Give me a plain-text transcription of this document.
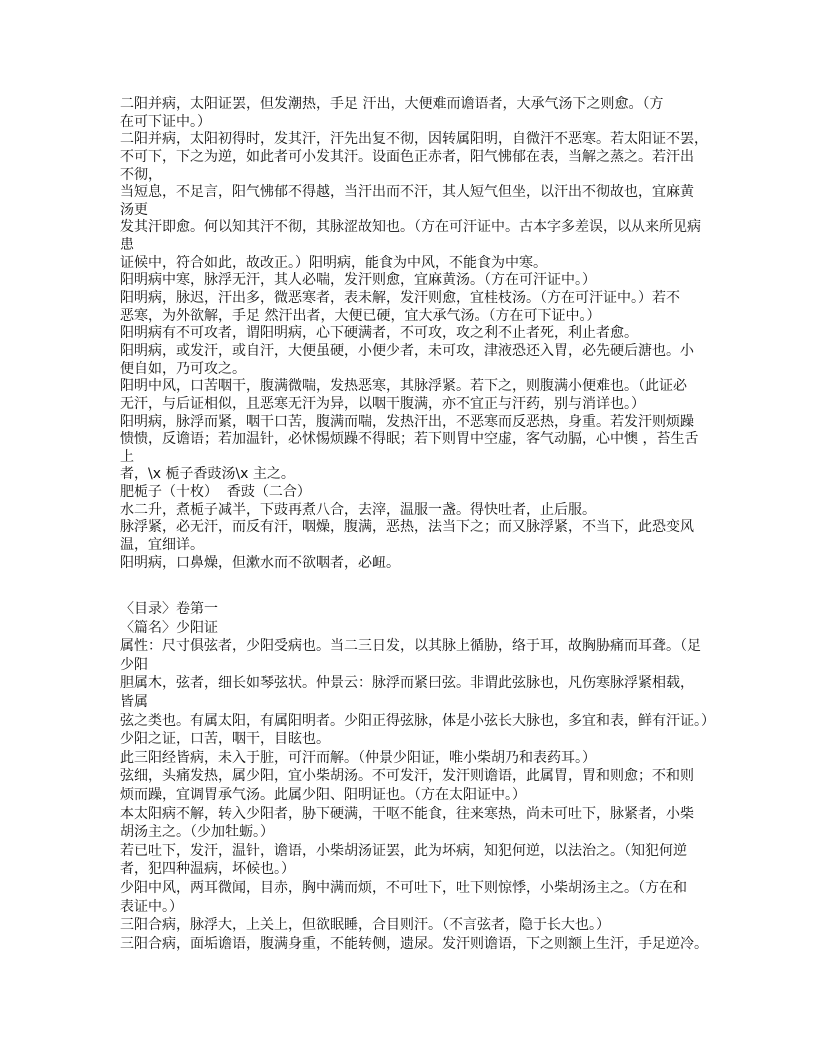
二阳并病，太阳证罢，但发潮热，手足 汗出，大便难而谵语者，大承气汤下之则愈。（方
在可下证中。）
二阳并病，太阳初得时，发其汗，汗先出复不彻，因转属阳明，自微汗不恶寒。若太阳证不罢，
不可下，下之为逆，如此者可小发其汗。设面色正赤者，阳气怫郁在表，当解之蒸之。若汗出
不彻，
当短息，不足言，阳气怫郁不得越，当汗出而不汗，其人短气但坐，以汗出不彻故也，宜麻黄
汤更
发其汗即愈。何以知其汗不彻，其脉涩故知也。（方在可汗证中。古本字多差误，以从来所见病
患
证候中，符合如此，故改正。）阳明病，能食为中风，不能食为中寒。
阳明病中寒，脉浮无汗，其人必喘，发汗则愈，宜麻黄汤。（方在可汗证中。）
阳明病，脉迟，汗出多，微恶寒者，表未解，发汗则愈，宜桂枝汤。（方在可汗证中。）若不
恶寒，为外欲解，手足 然汗出者，大便已硬，宜大承气汤。（方在可下证中。）
阳明病有不可攻者，谓阳明病，心下硬满者，不可攻，攻之利不止者死，利止者愈。
阳明病，或发汗，或自汗，大便虽硬，小便少者，未可攻，津液恐还入胃，必先硬后溏也。小
便自如，乃可攻之。
阳明中风，口苦咽干，腹满微喘，发热恶寒，其脉浮紧。若下之，则腹满小便难也。（此证必
无汗，与后证相似，且恶寒无汗为异，以咽干腹满，亦不宜正与汗药，别与消详也。）
阳明病，脉浮而紧，咽干口苦，腹满而喘，发热汗出，不恶寒而反恶热，身重。若发汗则烦躁
愦愦，反谵语；若加温针，必怵惕烦躁不得眠；若下则胃中空虚，客气动膈，心中懊 ，苔生舌
上
者，\x 栀子香豉汤\x 主之。
肥栀子（十枚）  香豉（二合）
水二升，煮栀子减半，下豉再煮八合，去滓，温服一盏。得快吐者，止后服。
脉浮紧，必无汗，而反有汗，咽燥，腹满，恶热，法当下之；而又脉浮紧，不当下，此恐变风
温，宜细详。
阳明病，口鼻燥，但漱水而不欲咽者，必衄。
〈目录〉卷第一
〈篇名〉少阳证
属性：尺寸俱弦者，少阳受病也。当二三日发，以其脉上循胁，络于耳，故胸胁痛而耳聋。（足
少阳
胆属木，弦者，细长如琴弦状。仲景云：脉浮而紧曰弦。非谓此弦脉也，凡伤寒脉浮紧相载，
皆属
弦之类也。有属太阳，有属阳明者。少阳正得弦脉，体是小弦长大脉也，多宜和表，鲜有汗证。）
少阳之证，口苦，咽干，目眩也。
此三阳经皆病，未入于脏，可汗而解。（仲景少阳证，唯小柴胡乃和表药耳。）
弦细，头痛发热，属少阳，宜小柴胡汤。不可发汗，发汗则谵语，此属胃，胃和则愈；不和则
烦而躁，宜调胃承气汤。此属少阳、阳明证也。（方在太阳证中。）
本太阳病不解，转入少阳者，胁下硬满，干呕不能食，往来寒热，尚未可吐下，脉紧者，小柴
胡汤主之。（少加牡蛎。）
若已吐下，发汗，温针，谵语，小柴胡汤证罢，此为坏病，知犯何逆，以法治之。（知犯何逆
者，犯四种温病，坏候也。）
少阳中风，两耳微闻，目赤，胸中满而烦，不可吐下，吐下则惊悸，小柴胡汤主之。（方在和
表证中。）
三阳合病，脉浮大，上关上，但欲眠睡，合目则汗。（不言弦者，隐于长大也。）
三阳合病，面垢谵语，腹满身重，不能转侧，遗尿。发汗则谵语，下之则额上生汗，手足逆冷。
